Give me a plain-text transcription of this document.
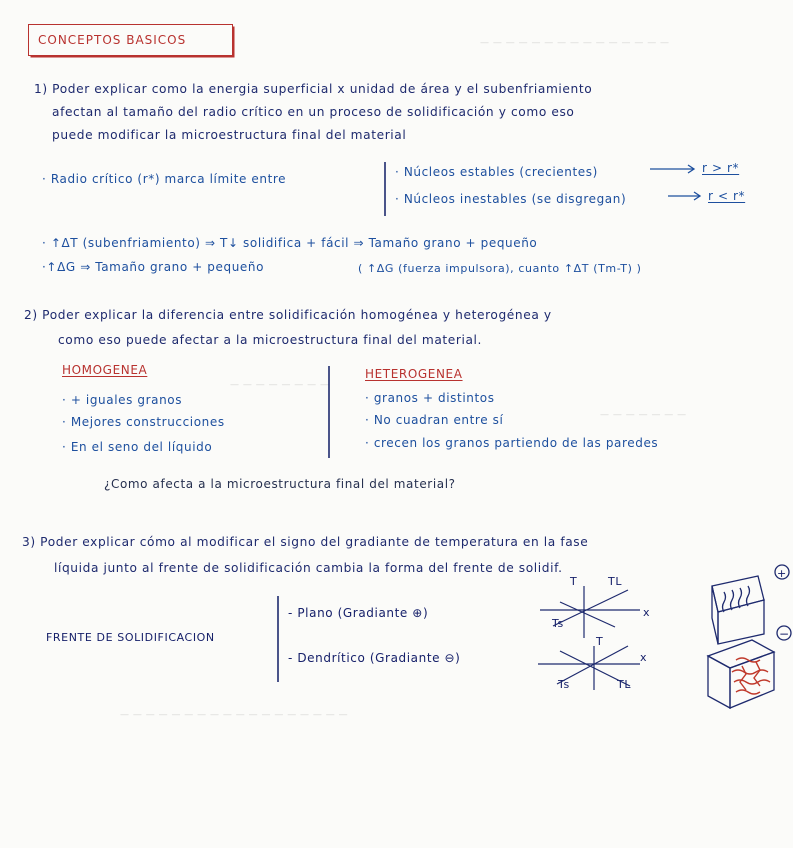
— — — — — — — — — — — — — — —
— — — — — — — —
— — — — — — —
— — — — — — — — — — — — — — — — — —
CONCEPTOS BASICOS
1) Poder explicar como la energia superficial x unidad de área y el subenfriamiento
afectan al tamaño del radio crítico en un proceso de solidificación y como eso
puede modificar la microestructura final del material
· Radio crítico (r*) marca límite entre	· Núcleos estables (crecientes)	r > r*
· Núcleos inestables (se disgregan)	r < r*
· ↑ΔT (subenfriamiento) ⇒ T↓ solidifica + fácil ⇒ Tamaño grano + pequeño
·↑ΔG ⇒ Tamaño grano + pequeño	( ↑ΔG (fuerza impulsora), cuanto ↑ΔT (Tm-T) )
2) Poder explicar la diferencia entre solidificación homogénea y heterogénea y
como eso puede afectar a la microestructura final del material.
HOMOGENEA
· + iguales granos
· Mejores construcciones
· En el seno del líquido
HETEROGENEA
· granos + distintos
· No cuadran entre sí
· crecen los granos partiendo de las paredes
¿Como afecta a la microestructura final del material?
3) Poder explicar cómo al modificar el signo del gradiante de temperatura en la fase
líquida junto al frente de solidificación cambia la forma del frente de solidif.
FRENTE DE SOLIDIFICACION
- Plano (Gradiante ⊕)
- Dendrítico (Gradiante ⊖)
T	TL
Ts
x
T
x
Ts	TL
+
−
